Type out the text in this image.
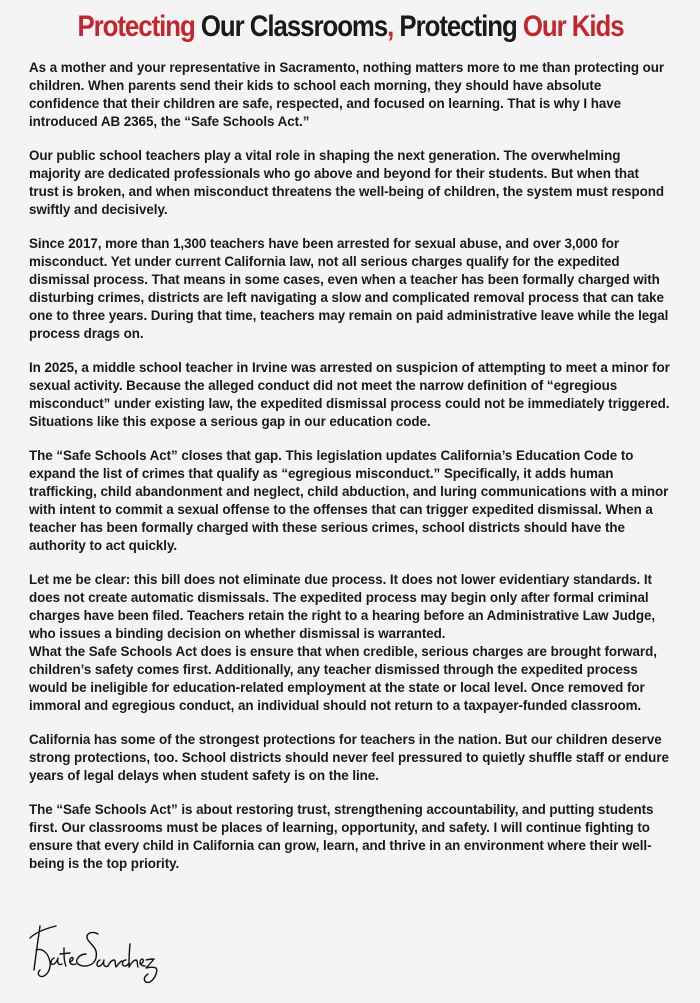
Protecting Our Classrooms, Protecting Our Kids

As a mother and your representative in Sacramento, nothing matters more to me than protecting our children. When parents send their kids to school each morning, they should have absolute confidence that their children are safe, respected, and focused on learning. That is why I have introduced AB 2365, the “Safe Schools Act.”

Our public school teachers play a vital role in shaping the next generation. The overwhelming majority are dedicated professionals who go above and beyond for their students. But when that trust is broken, and when misconduct threatens the well-being of children, the system must respond swiftly and decisively.

Since 2017, more than 1,300 teachers have been arrested for sexual abuse, and over 3,000 for misconduct. Yet under current California law, not all serious charges qualify for the expedited dismissal process. That means in some cases, even when a teacher has been formally charged with disturbing crimes, districts are left navigating a slow and complicated removal process that can take one to three years. During that time, teachers may remain on paid administrative leave while the legal process drags on.

In 2025, a middle school teacher in Irvine was arrested on suspicion of attempting to meet a minor for sexual activity. Because the alleged conduct did not meet the narrow definition of “egregious misconduct” under existing law, the expedited dismissal process could not be immediately triggered. Situations like this expose a serious gap in our education code.

The “Safe Schools Act” closes that gap. This legislation updates California’s Education Code to expand the list of crimes that qualify as “egregious misconduct.” Specifically, it adds human trafficking, child abandonment and neglect, child abduction, and luring communications with a minor with intent to commit a sexual offense to the offenses that can trigger expedited dismissal. When a teacher has been formally charged with these serious crimes, school districts should have the authority to act quickly.

Let me be clear: this bill does not eliminate due process. It does not lower evidentiary standards. It does not create automatic dismissals. The expedited process may begin only after formal criminal charges have been filed. Teachers retain the right to a hearing before an Administrative Law Judge, who issues a binding decision on whether dismissal is warranted.

What the Safe Schools Act does is ensure that when credible, serious charges are brought forward, children’s safety comes first. Additionally, any teacher dismissed through the expedited process would be ineligible for education-related employment at the state or local level. Once removed for immoral and egregious conduct, an individual should not return to a taxpayer-funded classroom.

California has some of the strongest protections for teachers in the nation. But our children deserve strong protections, too. School districts should never feel pressured to quietly shuffle staff or endure years of legal delays when student safety is on the line.

The “Safe Schools Act” is about restoring trust, strengthening accountability, and putting students first. Our classrooms must be places of learning, opportunity, and safety. I will continue fighting to ensure that every child in California can grow, learn, and thrive in an environment where their well-being is the top priority.
